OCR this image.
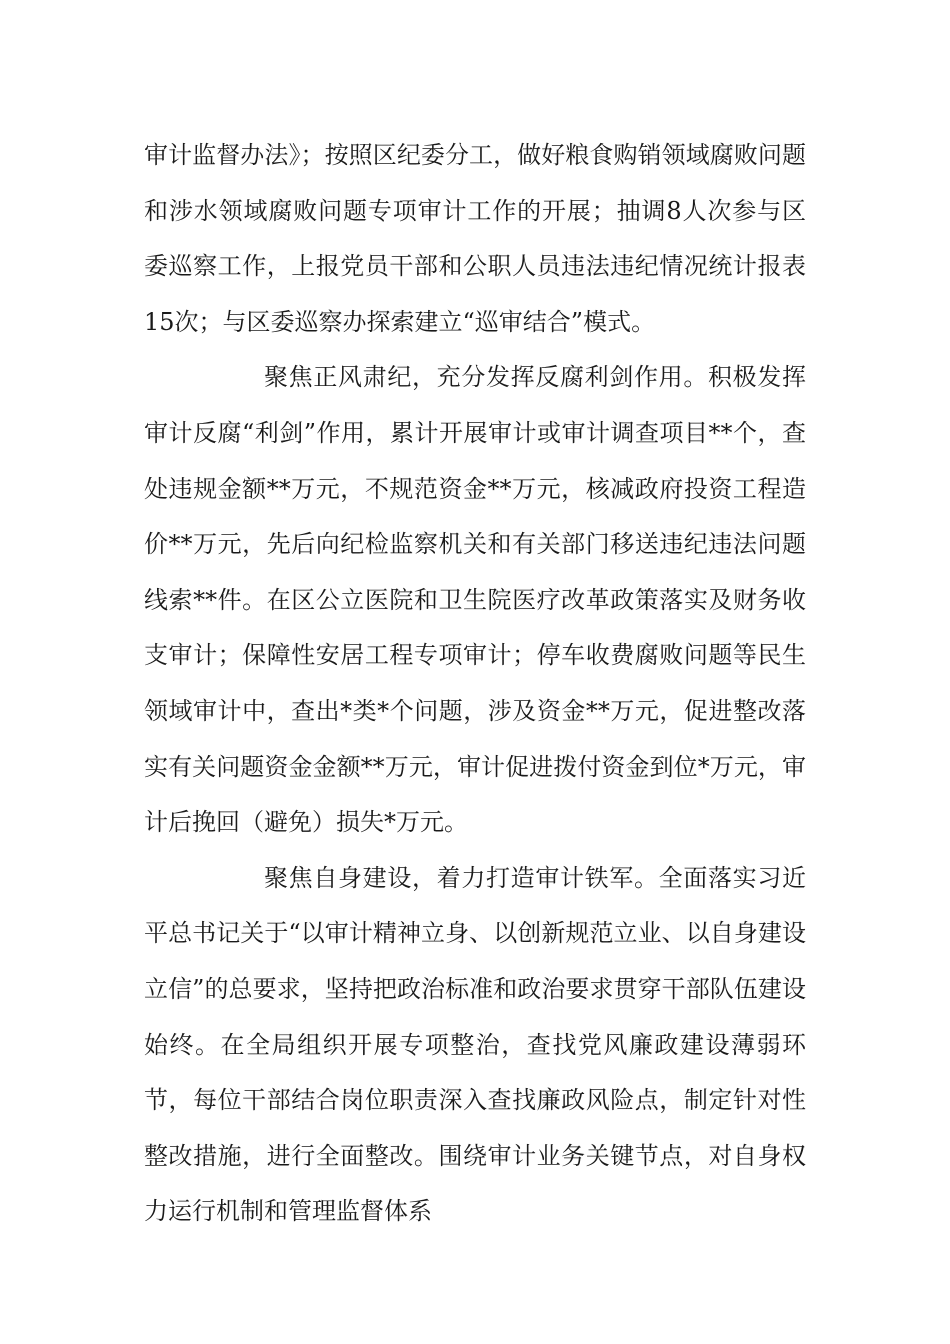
审计监督办法》；按照区纪委分工，做好粮食购销领域腐败问题和涉水领域腐败问题专项审计工作的开展；抽调8人次参与区委巡察工作，上报党员干部和公职人员违法违纪情况统计报表15次；与区委巡察办探索建立“巡审结合”模式。

聚焦正风肃纪，充分发挥反腐利剑作用。积极发挥审计反腐“利剑”作用，累计开展审计或审计调查项目**个，查处违规金额**万元，不规范资金**万元，核减政府投资工程造价**万元，先后向纪检监察机关和有关部门移送违纪违法问题线索**件。在区公立医院和卫生院医疗改革政策落实及财务收支审计；保障性安居工程专项审计；停车收费腐败问题等民生领域审计中，查出*类*个问题，涉及资金**万元，促进整改落实有关问题资金金额**万元，审计促进拨付资金到位*万元，审计后挽回（避免）损失*万元。

聚焦自身建设，着力打造审计铁军。全面落实习近平总书记关于“以审计精神立身、以创新规范立业、以自身建设立信”的总要求，坚持把政治标准和政治要求贯穿干部队伍建设始终。在全局组织开展专项整治，查找党风廉政建设薄弱环节，每位干部结合岗位职责深入查找廉政风险点，制定针对性整改措施，进行全面整改。围绕审计业务关键节点，对自身权力运行机制和管理监督体系
